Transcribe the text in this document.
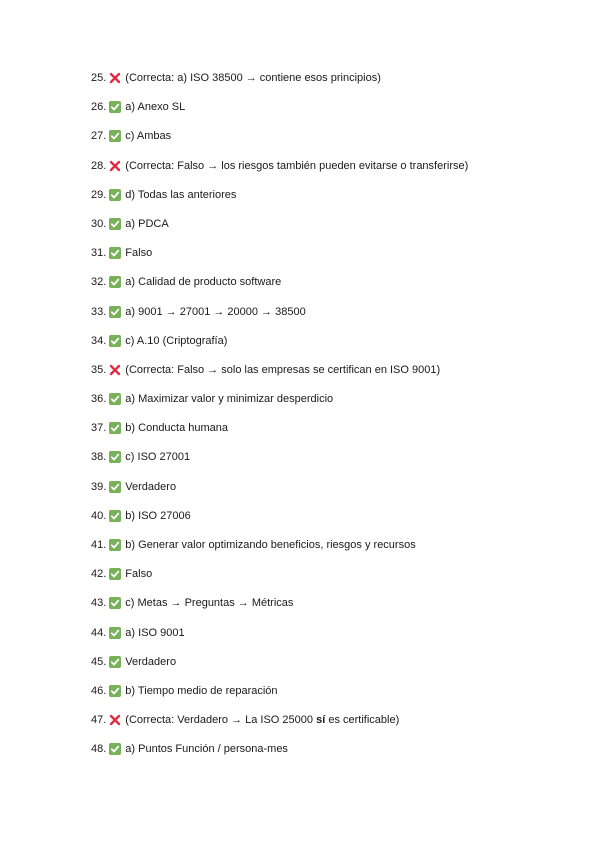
25. (Correcta: a) ISO 38500 → contiene esos principios)
26. a) Anexo SL
27. c) Ambas
28. (Correcta: Falso → los riesgos también pueden evitarse o transferirse)
29. d) Todas las anteriores
30. a) PDCA
31. Falso
32. a) Calidad de producto software
33. a) 9001 → 27001 → 20000 → 38500
34. c) A.10 (Criptografía)
35. (Correcta: Falso → solo las empresas se certifican en ISO 9001)
36. a) Maximizar valor y minimizar desperdicio
37. b) Conducta humana
38. c) ISO 27001
39. Verdadero
40. b) ISO 27006
41. b) Generar valor optimizando beneficios, riesgos y recursos
42. Falso
43. c) Metas → Preguntas → Métricas
44. a) ISO 9001
45. Verdadero
46. b) Tiempo medio de reparación
47. (Correcta: Verdadero → La ISO 25000 sí es certificable)
48. a) Puntos Función / persona-mes
